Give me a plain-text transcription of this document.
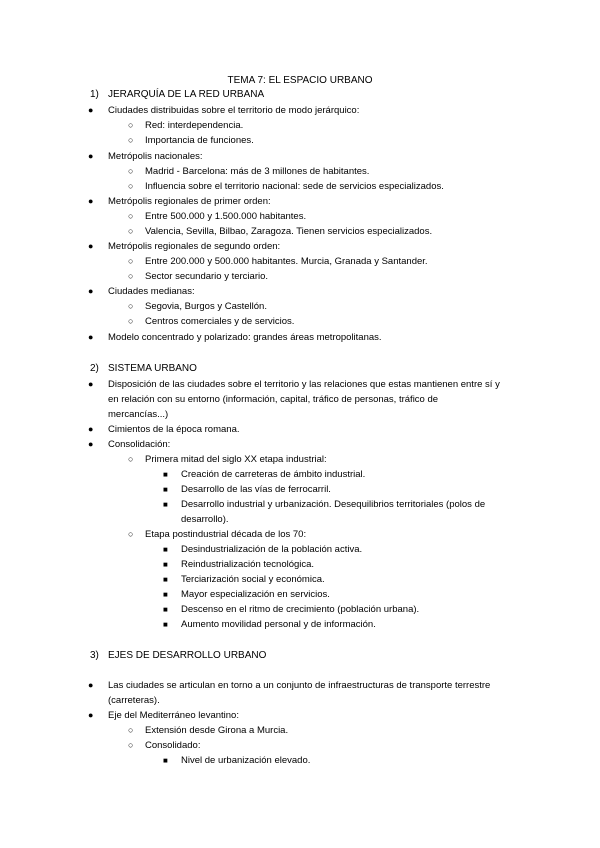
TEMA 7: EL ESPACIO URBANO
1) JERARQUÍA DE LA RED URBANA
● Ciudades distribuidas sobre el territorio de modo jerárquico:
○ Red: interdependencia.
○ Importancia de funciones.
● Metrópolis nacionales:
○ Madrid - Barcelona: más de 3 millones de habitantes.
○ Influencia sobre el territorio nacional: sede de servicios especializados.
● Metrópolis regionales de primer orden:
○ Entre 500.000 y 1.500.000 habitantes.
○ Valencia, Sevilla, Bilbao, Zaragoza. Tienen servicios especializados.
● Metrópolis regionales de segundo orden:
○ Entre 200.000 y 500.000 habitantes. Murcia, Granada y Santander.
○ Sector secundario y terciario.
● Ciudades medianas:
○ Segovia, Burgos y Castellón.
○ Centros comerciales y de servicios.
● Modelo concentrado y polarizado: grandes áreas metropolitanas.
2) SISTEMA URBANO
● Disposición de las ciudades sobre el territorio y las relaciones que estas mantienen entre sí y
en relación con su entorno (información, capital, tráfico de personas, tráfico de
mercancías...)
● Cimientos de la época romana.
● Consolidación:
○ Primera mitad del siglo XX etapa industrial:
■ Creación de carreteras de ámbito industrial.
■ Desarrollo de las vías de ferrocarril.
■ Desarrollo industrial y urbanización. Desequilibrios territoriales (polos de
desarrollo).
○ Etapa postindustrial década de los 70:
■ Desindustrialización de la población activa.
■ Reindustrialización tecnológica.
■ Terciarización social y económica.
■ Mayor especialización en servicios.
■ Descenso en el ritmo de crecimiento (población urbana).
■ Aumento movilidad personal y de información.
3) EJES DE DESARROLLO URBANO
● Las ciudades se articulan en torno a un conjunto de infraestructuras de transporte terrestre
(carreteras).
● Eje del Mediterráneo levantino:
○ Extensión desde Girona a Murcia.
○ Consolidado:
■ Nivel de urbanización elevado.
